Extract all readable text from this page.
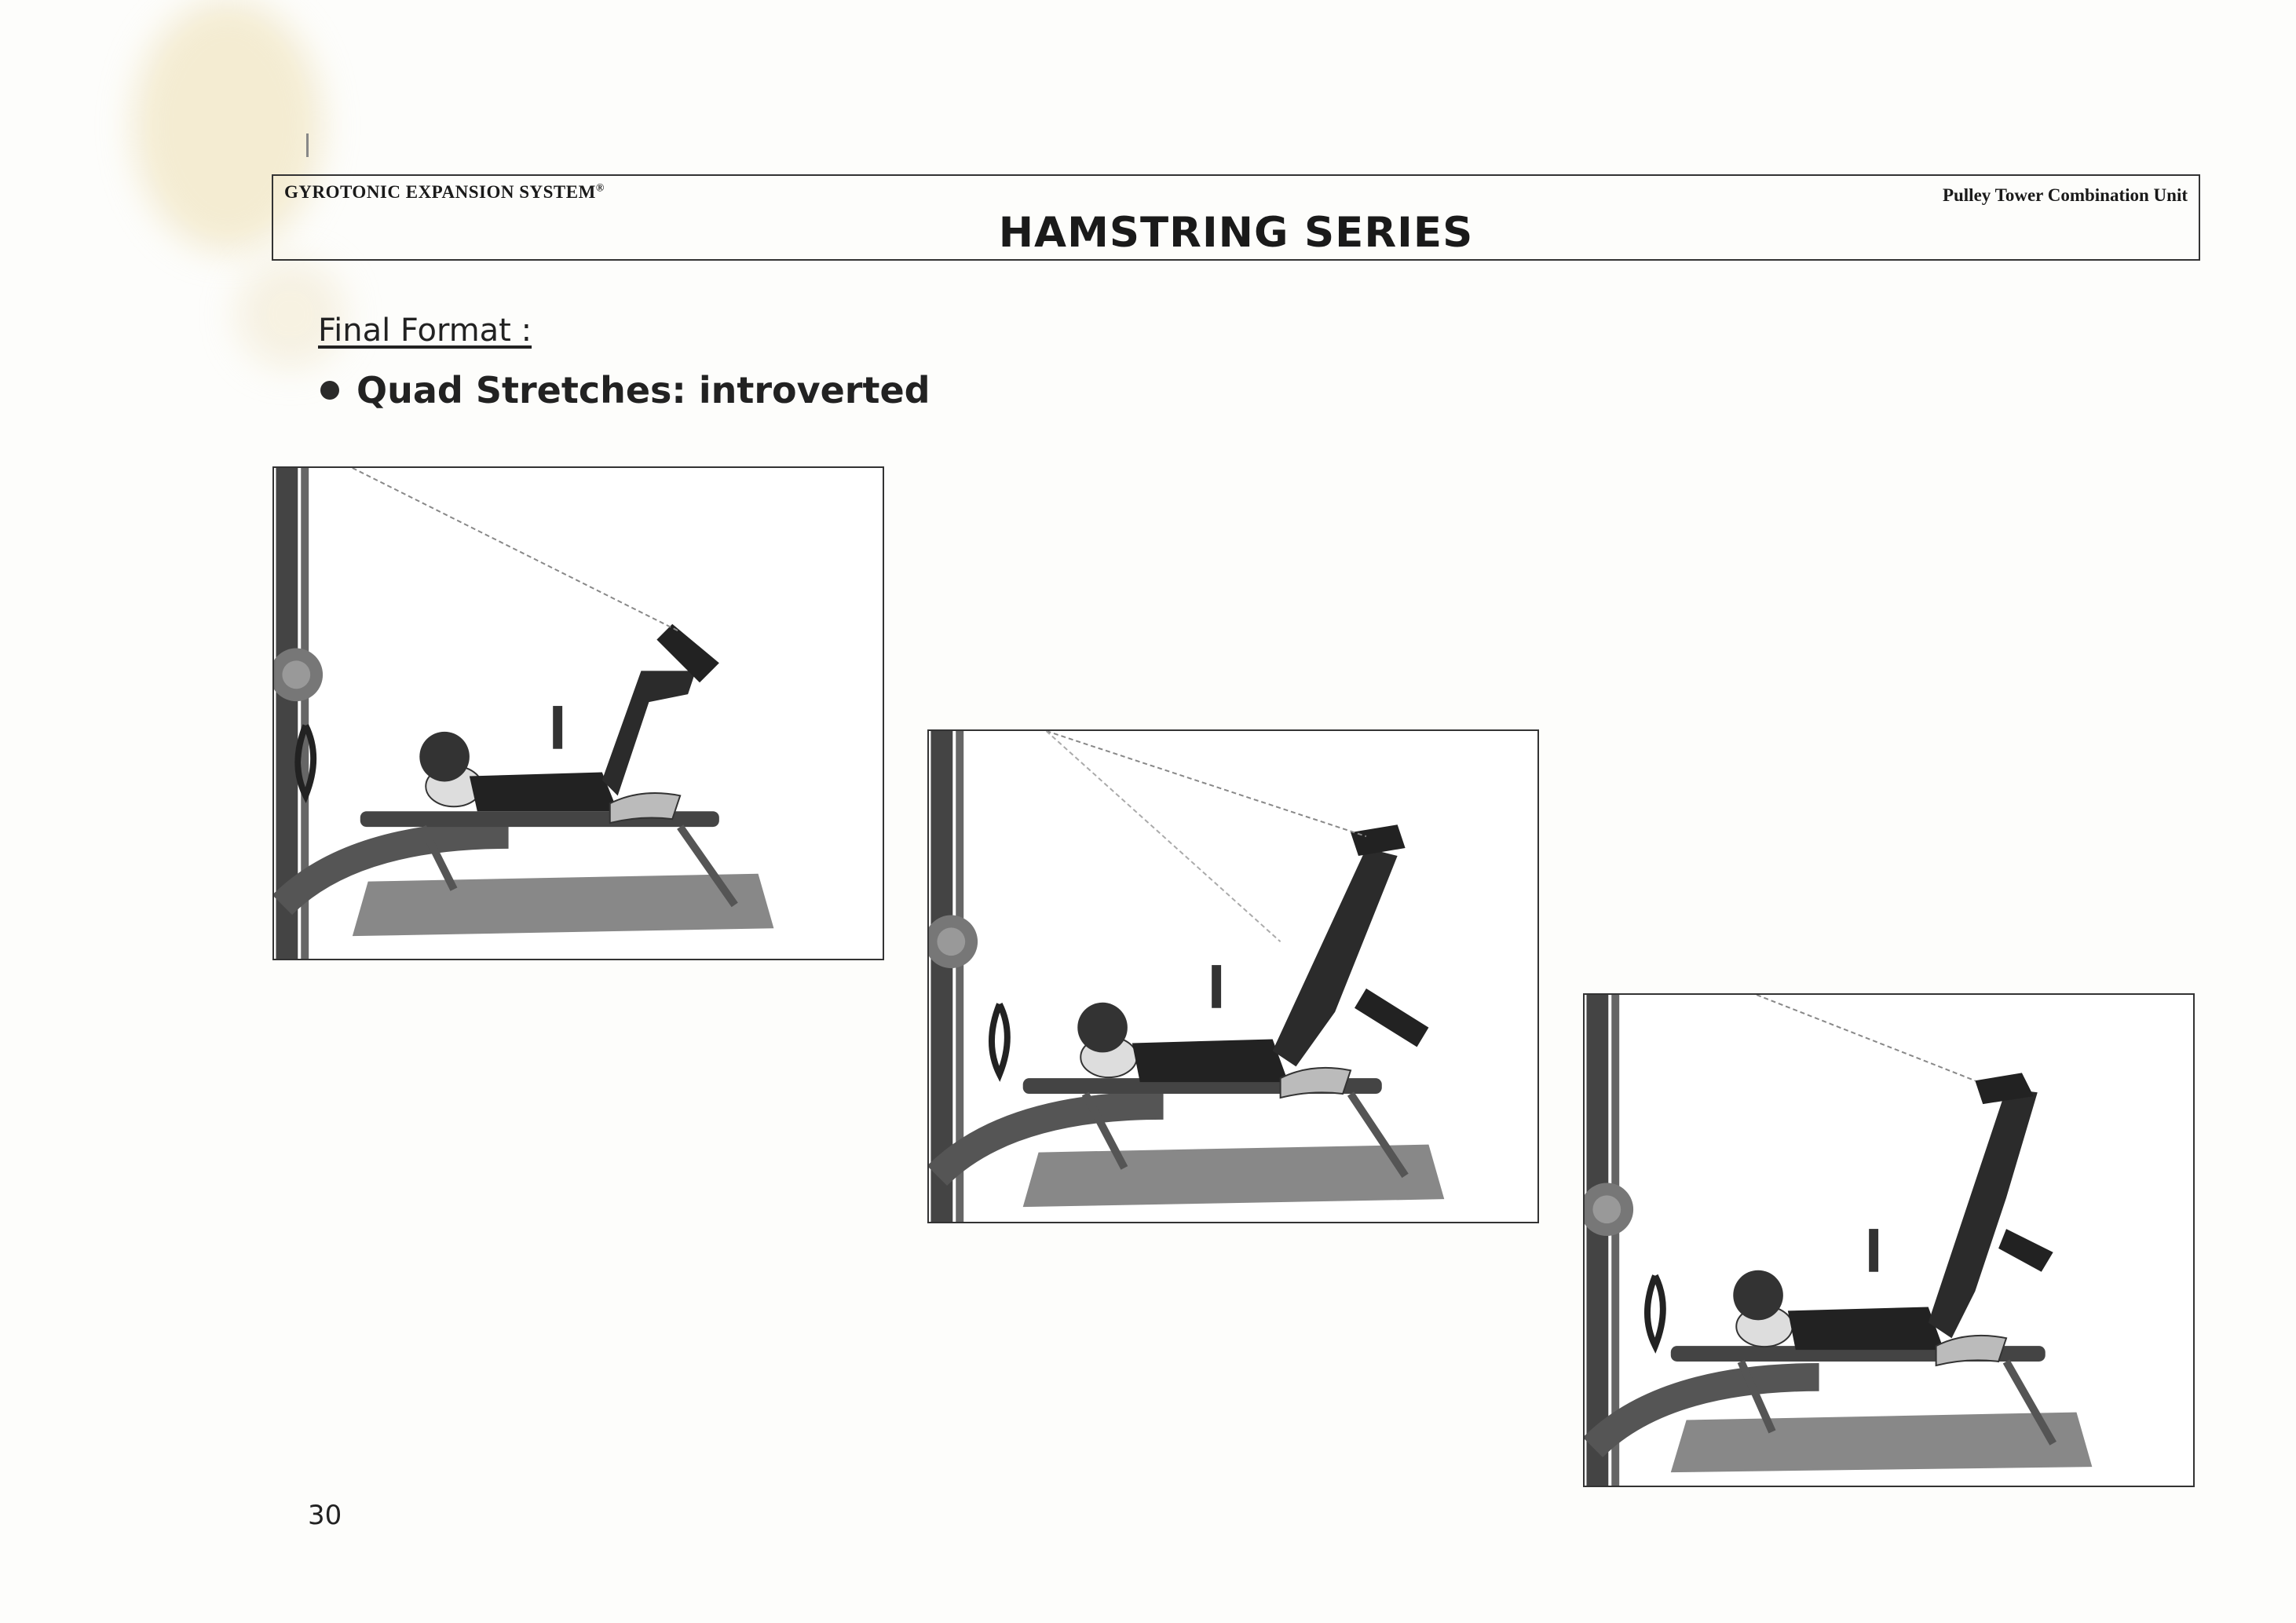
GYROTONIC EXPANSION SYSTEM®	Pulley Tower Combination Unit
HAMSTRING SERIES
Final Format :
Quad Stretches: introverted
30
